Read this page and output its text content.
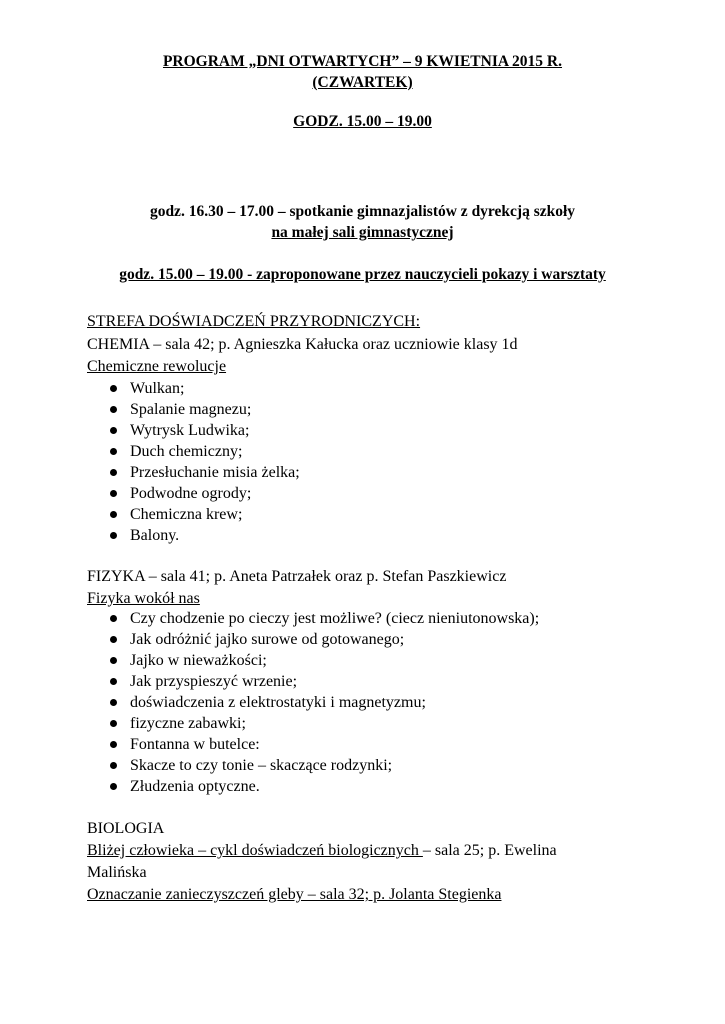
PROGRAM „DNI OTWARTYCH” – 9 KWIETNIA 2015 R.
(CZWARTEK)
GODZ. 15.00 – 19.00
godz. 16.30 – 17.00 – spotkanie gimnazjalistów z dyrekcją szkoły
na małej sali gimnastycznej
godz. 15.00 – 19.00 - zaproponowane przez nauczycieli pokazy i warsztaty
STREFA DOŚWIADCZEŃ PRZYRODNICZYCH:
CHEMIA – sala 42; p. Agnieszka Kałucka oraz uczniowie klasy 1d
Chemiczne rewolucje
Wulkan;
Spalanie magnezu;
Wytrysk Ludwika;
Duch chemiczny;
Przesłuchanie misia żelka;
Podwodne ogrody;
Chemiczna krew;
Balony.
FIZYKA – sala 41; p. Aneta Patrzałek oraz p. Stefan Paszkiewicz
Fizyka wokół nas
Czy chodzenie po cieczy jest możliwe? (ciecz nieniutonowska);
Jak odróżnić jajko surowe od gotowanego;
Jajko w nieważkości;
Jak przyspieszyć wrzenie;
doświadczenia z elektrostatyki i magnetyzmu;
fizyczne zabawki;
Fontanna w butelce:
Skacze to czy tonie – skaczące rodzynki;
Złudzenia optyczne.
BIOLOGIA
Bliżej człowieka – cykl doświadczeń biologicznych – sala 25; p. Ewelina
Malińska
Oznaczanie zanieczyszczeń gleby – sala 32; p. Jolanta Stegienka
